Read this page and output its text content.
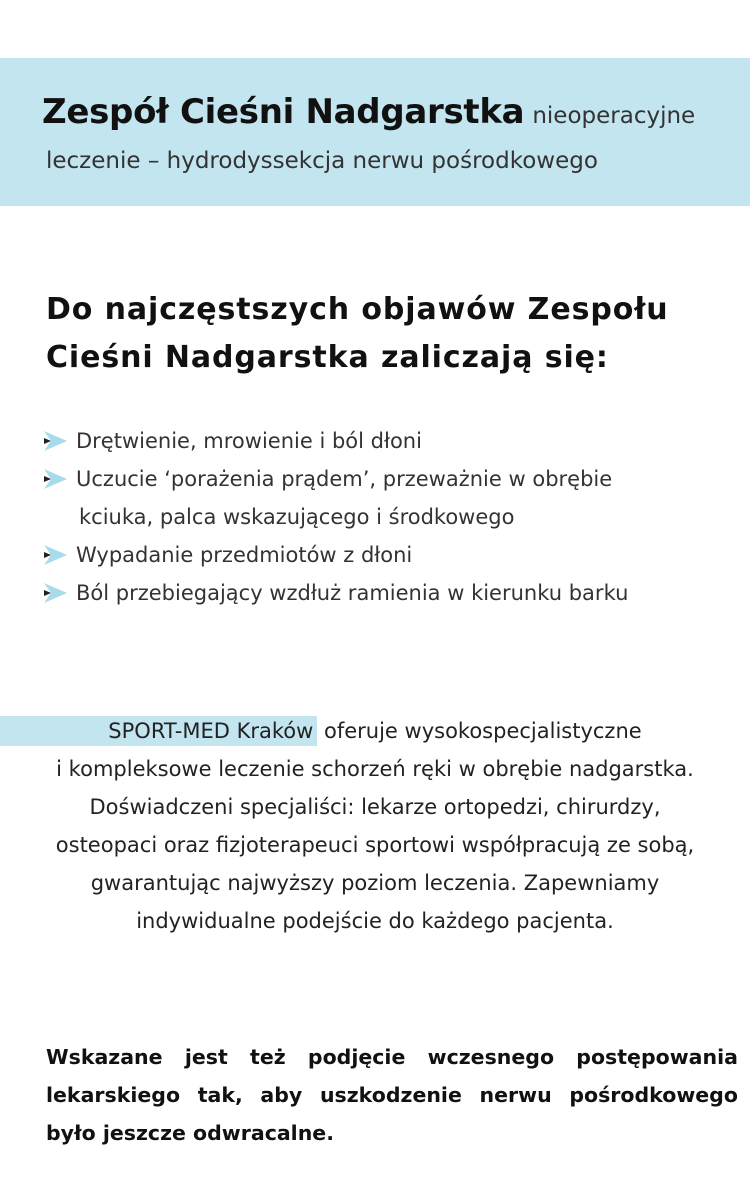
Zespół Cieśni Nadgarstka nieoperacyjne
leczenie – hydrodyssekcja nerwu pośrodkowego
Do najczęstszych objawów Zespołu
Cieśni Nadgarstka zaliczają się:
Drętwienie, mrowienie i ból dłoni
Uczucie ‘porażenia prądem’, przeważnie w obrębie
kciuka, palca wskazującego i środkowego
Wypadanie przedmiotów z dłoni
Ból przebiegający wzdłuż ramienia w kierunku barku
SPORT-MED Kraków oferuje wysokospecjalistyczne
i kompleksowe leczenie schorzeń ręki w obrębie nadgarstka.
Doświadczeni specjaliści: lekarze ortopedzi, chirurdzy,
osteopaci oraz fizjoterapeuci sportowi współpracują ze sobą,
gwarantując najwyższy poziom leczenia. Zapewniamy
indywidualne podejście do każdego pacjenta.
Wskazane jest też podjęcie wczesnego postępowania
lekarskiego tak, aby uszkodzenie nerwu pośrodkowego
było jeszcze odwracalne.
